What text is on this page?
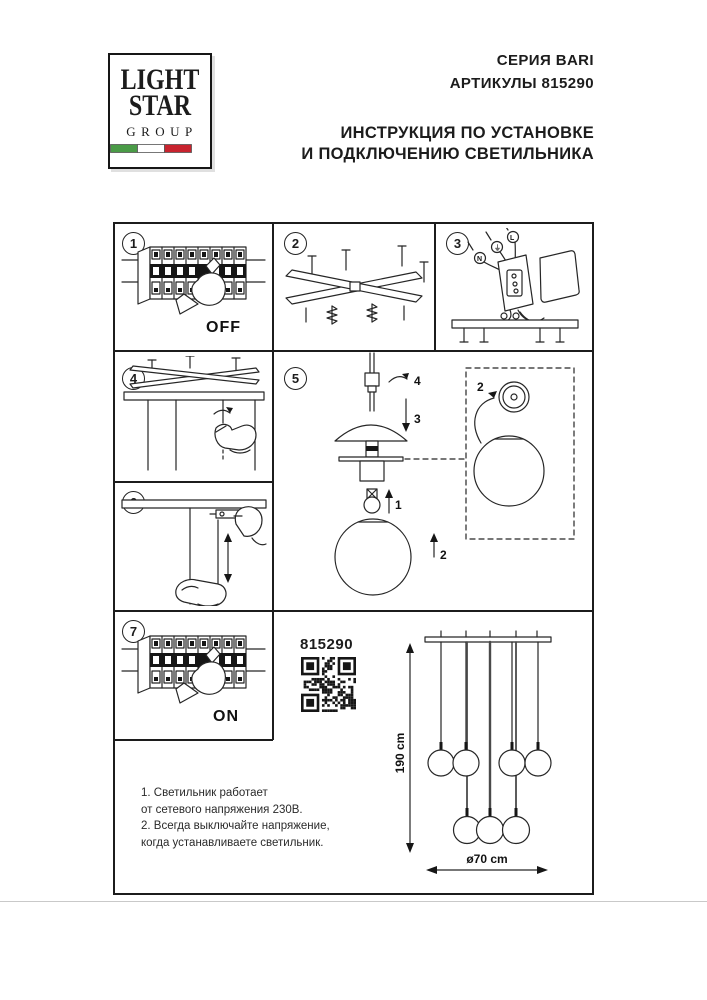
LIGHT
STAR
GROUP
СЕРИЯ BARI
АРТИКУЛЫ 815290
ИНСТРУКЦИЯ ПО УСТАНОВКЕ
И ПОДКЛЮЧЕНИЮ СВЕТИЛЬНИКА
1	2	3
4	5
7
OFF
N
⏚
L
4
3
1
2
2
ON
815290
190 cm
ø70 cm
1. Светильник работает
от сетевого напряжения 230В.
2. Всегда выключайте напряжение,
когда устанавливаете светильник.
